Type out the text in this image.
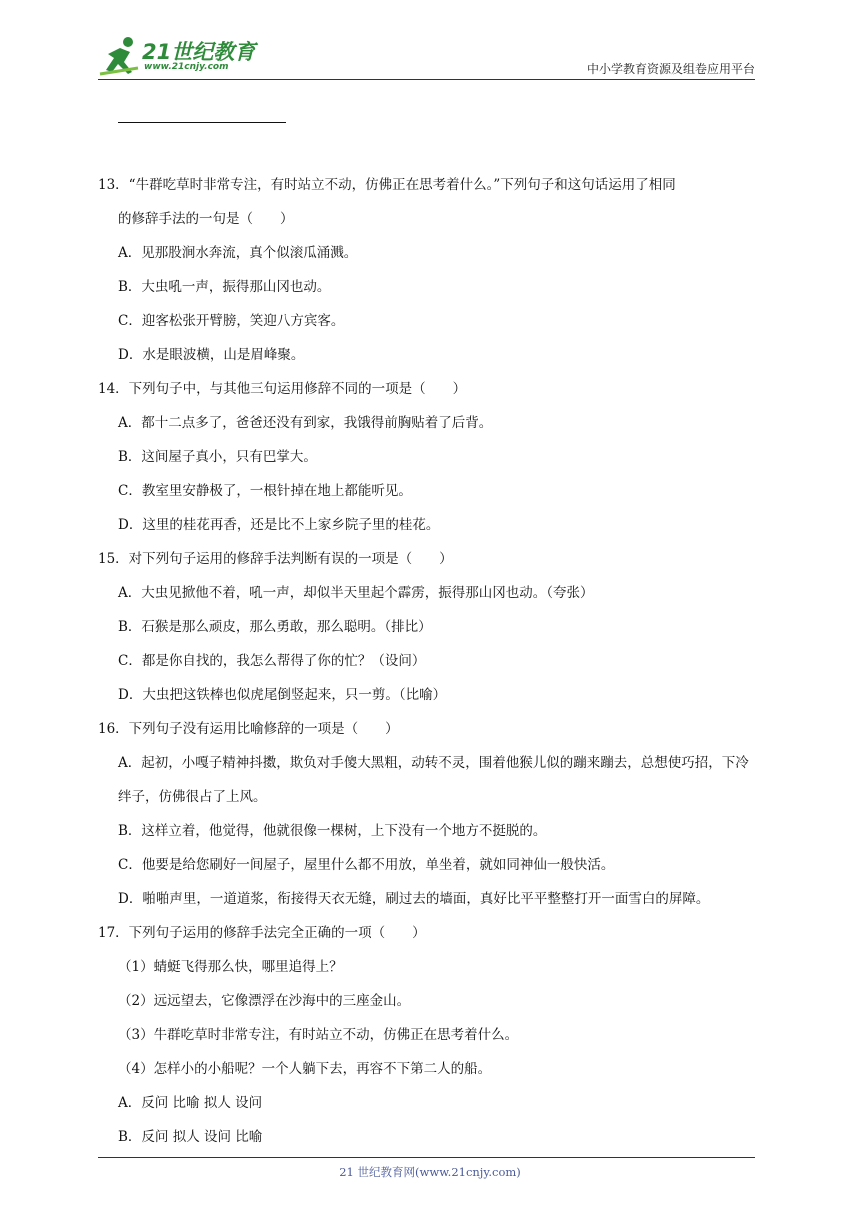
21世纪教育
www.21cnjy.com	中小学教育资源及组卷应用平台
13．“牛群吃草时非常专注，有时站立不动，仿佛正在思考着什么。”下列句子和这句话运用了相同
的修辞手法的一句是（　　）
A．见那股涧水奔流，真个似滚瓜涌溅。
B．大虫吼一声，振得那山冈也动。
C．迎客松张开臂膀，笑迎八方宾客。
D．水是眼波横，山是眉峰聚。
14．下列句子中，与其他三句运用修辞不同的一项是（　　）
A．都十二点多了，爸爸还没有到家，我饿得前胸贴着了后背。
B．这间屋子真小，只有巴掌大。
C．教室里安静极了，一根针掉在地上都能听见。
D．这里的桂花再香，还是比不上家乡院子里的桂花。
15．对下列句子运用的修辞手法判断有误的一项是（　　）
A．大虫见掀他不着，吼一声，却似半天里起个霹雳，振得那山冈也动。（夸张）
B．石猴是那么顽皮，那么勇敢，那么聪明。（排比）
C．都是你自找的，我怎么帮得了你的忙？（设问）
D．大虫把这铁棒也似虎尾倒竖起来，只一剪。（比喻）
16．下列句子没有运用比喻修辞的一项是（　　）
A．起初，小嘎子精神抖擞，欺负对手傻大黑粗，动转不灵，围着他猴儿似的蹦来蹦去，总想使巧招，下冷绊子，仿佛很占了上风。
B．这样立着，他觉得，他就很像一棵树，上下没有一个地方不挺脱的。
C．他要是给您刷好一间屋子，屋里什么都不用放，单坐着，就如同神仙一般快活。
D．啪啪声里，一道道浆，衔接得天衣无缝，刷过去的墙面，真好比平平整整打开一面雪白的屏障。
17．下列句子运用的修辞手法完全正确的一项（　　）
（1）蜻蜓飞得那么快，哪里追得上？
（2）远远望去，它像漂浮在沙海中的三座金山。
（3）牛群吃草时非常专注，有时站立不动，仿佛正在思考着什么。
（4）怎样小的小船呢？一个人躺下去，再容不下第二人的船。
A．反问 比喻 拟人 设问
B．反问 拟人 设问 比喻
21 世纪教育网(www.21cnjy.com)
